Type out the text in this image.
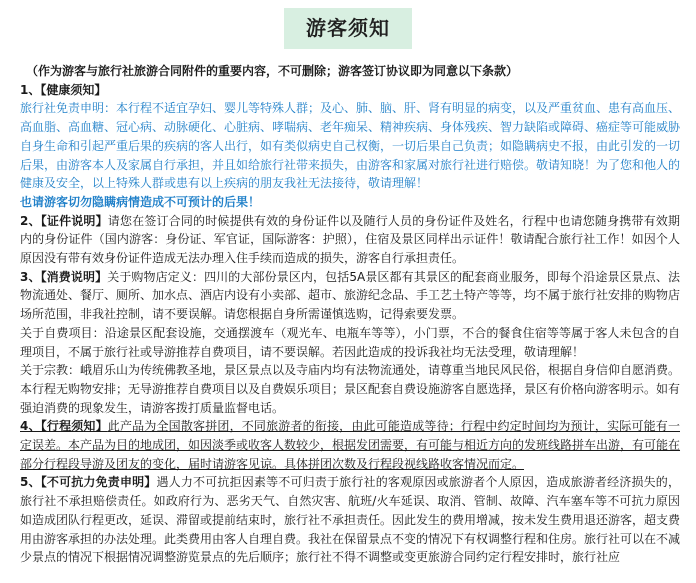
游客须知

（作为游客与旅行社旅游合同附件的重要内容，不可删除；游客签订协议即为同意以下条款）

1、【健康须知】
旅行社免责申明：本行程不适宜孕妇、婴儿等特殊人群；及心、肺、脑、肝、肾有明显的病变，以及严重贫血、患有高血压、高血脂、高血糖、冠心病、动脉硬化、心脏病、哮喘病、老年痴呆、精神疾病、身体残疾、智力缺陷或障碍、癌症等可能威胁自身生命和引起严重后果的疾病的客人出行，如有类似病史自己权衡，一切后果自己负责；如隐瞒病史不报，由此引发的一切后果，由游客本人及家属自行承担，并且如给旅行社带来损失，由游客和家属对旅行社进行赔偿。敬请知晓！为了您和他人的健康及安全，以上特殊人群或患有以上疾病的朋友我社无法接待，敬请理解！
也请游客切勿隐瞒病情造成不可预计的后果！

2、【证件说明】请您在签订合同的时候提供有效的身份证件以及随行人员的身份证件及姓名，行程中也请您随身携带有效期内的身份证件（国内游客：身份证、军官证，国际游客：护照），住宿及景区同样出示证件！敬请配合旅行社工作！如因个人原因没有带有效身份证件造成无法办理入住手续而造成的损失，游客自行承担责任。

3、【消费说明】关于购物店定义：四川的大部份景区内，包括5A景区都有其景区的配套商业服务，即每个沿途景区景点、法物流通处、餐厅、厕所、加水点、酒店内设有小卖部、超市、旅游纪念品、手工艺土特产等等，均不属于旅行社安排的购物店场所范围，非我社控制，请不要误解。请您根据自身所需谨慎选购，记得索要发票。

关于自费项目：沿途景区配套设施，交通摆渡车（观光车、电瓶车等等），小门票，不合的餐食住宿等等属于客人未包含的自理项目，不属于旅行社或导游推荐自费项目，请不要误解。若因此造成的投诉我社均无法受理，敬请理解！

关于宗教：峨眉乐山为传统佛教圣地，景区景点以及寺庙内均有法物流通处，请尊重当地民风民俗，根据自身信仰自愿消费。本行程无购物安排；无导游推荐自费项目以及自费娱乐项目；景区配套自费设施游客自愿选择，景区有价格向游客明示。如有强迫消费的现象发生，请游客拨打质量监督电话。

4、【行程须知】此产品为全国散客拼团，不同旅游者的衔接，由此可能造成等待；行程中约定时间均为预计，实际可能有一定误差。本产品为目的地成团，如因淡季或收客人数较少，根据发团需要，有可能与相近方向的发班线路拼车出游，有可能在部分行程段导游及团友的变化，届时请游客见谅。具体拼团次数及行程段视线路收客情况而定。

5、【不可抗力免责申明】遇人力不可抗拒因素等不可归责于旅行社的客观原因或旅游者个人原因，造成旅游者经济损失的，旅行社不承担赔偿责任。如政府行为、恶劣天气、自然灾害、航班/火车延误、取消、管制、故障、汽车塞车等不可抗力原因如造成团队行程更改，延误、滞留或提前结束时，旅行社不承担责任。因此发生的费用增减，按未发生费用退还游客，超支费用由游客承担的办法处理。此类费用由客人自理自费。我社在保留景点不变的情况下有权调整行程和住房。旅行社可以在不减少景点的情况下根据情况调整游览景点的先后顺序；旅行社不得不调整或变更旅游合同约定行程安排时，旅行社应
